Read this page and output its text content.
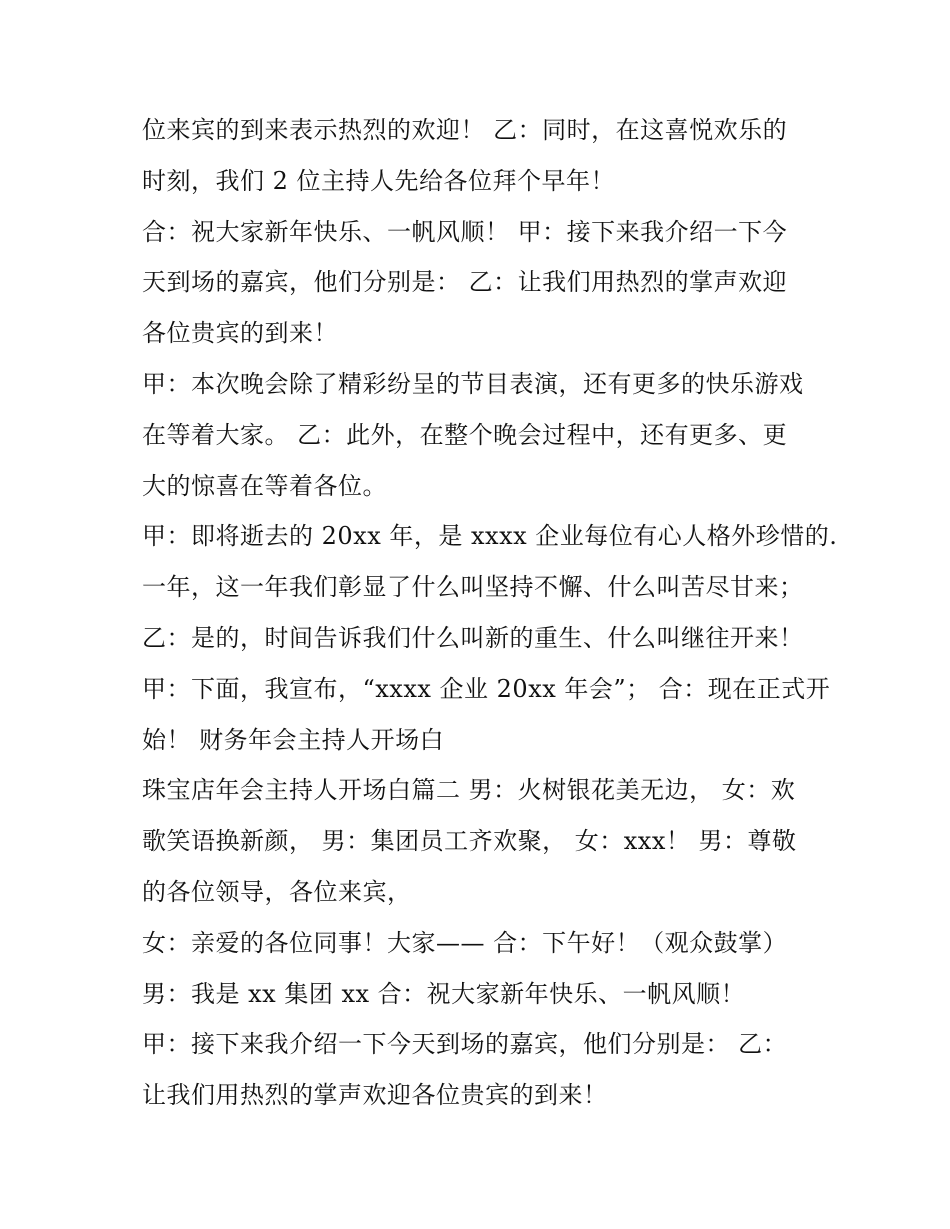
位来宾的到来表示热烈的欢迎！ 乙：同时，在这喜悦欢乐的
时刻，我们 2 位主持人先给各位拜个早年！
合：祝大家新年快乐、一帆风顺！ 甲：接下来我介绍一下今
天到场的嘉宾，他们分别是： 乙：让我们用热烈的掌声欢迎
各位贵宾的到来！
甲：本次晚会除了精彩纷呈的节目表演，还有更多的快乐游戏
在等着大家。 乙：此外，在整个晚会过程中，还有更多、更
大的惊喜在等着各位。
甲：即将逝去的 20xx 年，是 xxxx 企业每位有心人格外珍惜的.
一年，这一年我们彰显了什么叫坚持不懈、什么叫苦尽甘来；
乙：是的，时间告诉我们什么叫新的重生、什么叫继往开来！
甲：下面，我宣布，“xxxx 企业 20xx 年会”； 合：现在正式开
始！ 财务年会主持人开场白
珠宝店年会主持人开场白篇二 男：火树银花美无边， 女：欢
歌笑语换新颜， 男：集团员工齐欢聚， 女：xxx！ 男：尊敬
的各位领导，各位来宾，
女：亲爱的各位同事！大家—— 合：下午好！（观众鼓掌）
男：我是 xx 集团 xx 合：祝大家新年快乐、一帆风顺！
甲：接下来我介绍一下今天到场的嘉宾，他们分别是： 乙：
让我们用热烈的掌声欢迎各位贵宾的到来！
